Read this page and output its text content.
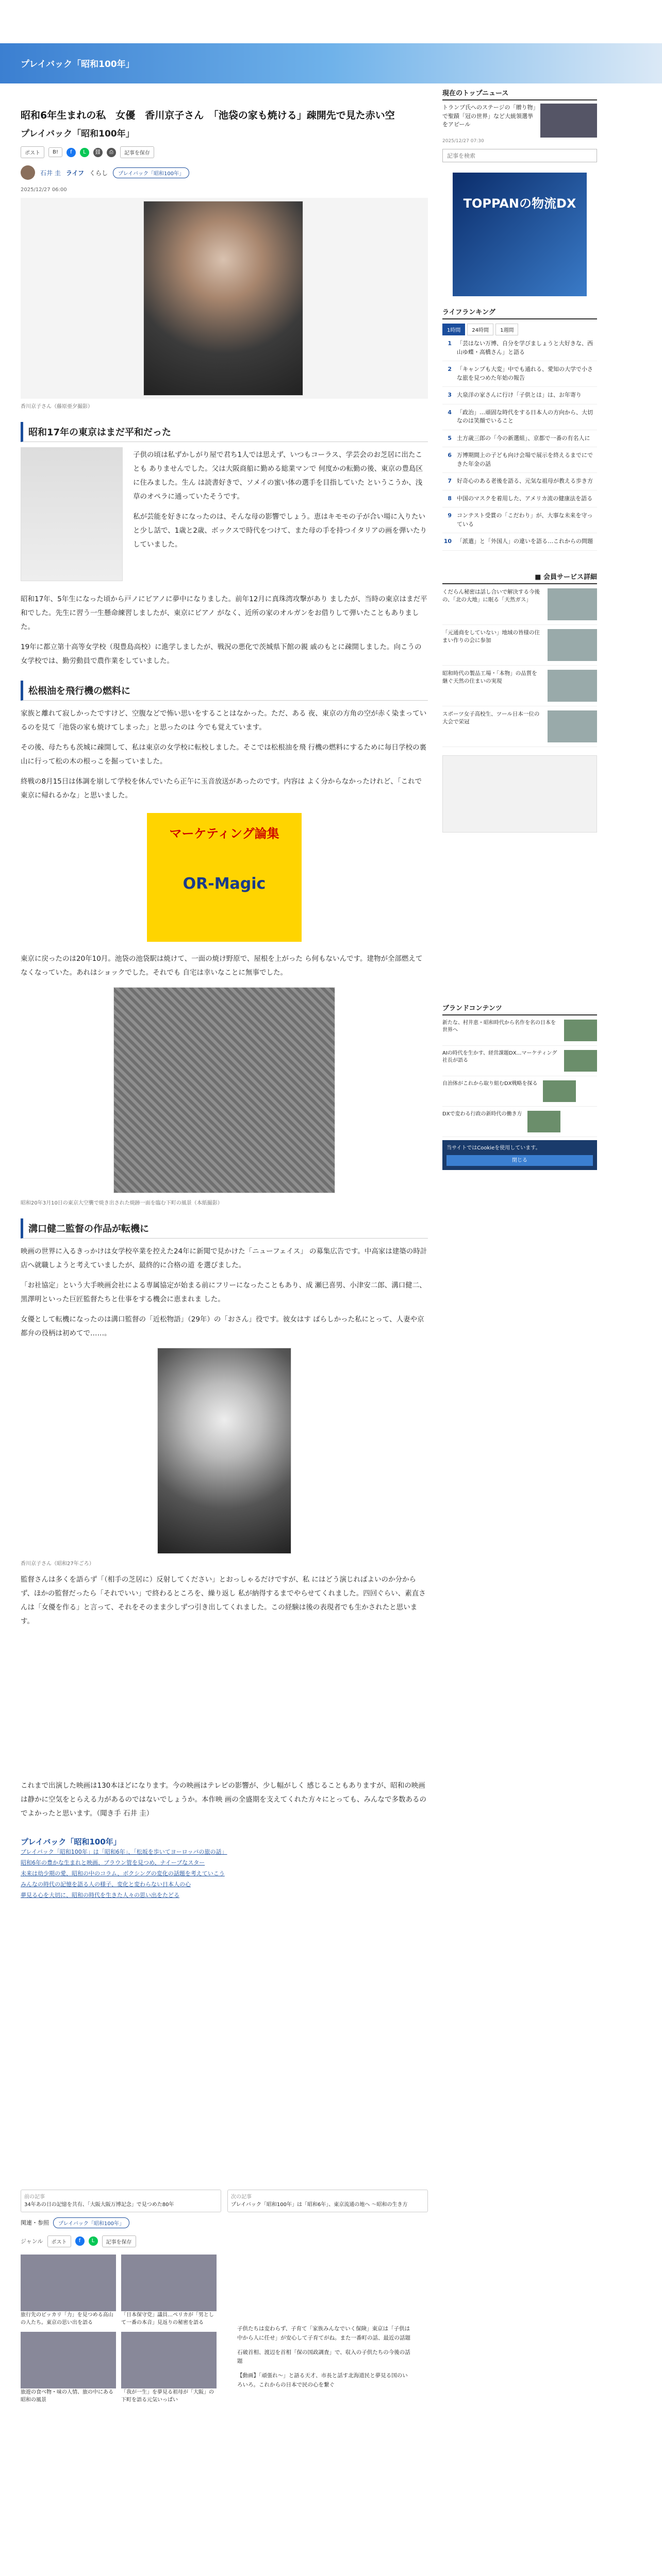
プレイバック「昭和100年」
昭和6年生まれの私　女優　香川京子さん　「池袋の家も焼ける」疎開先で見た赤い空
プレイバック「昭和100年」
ポスト	B!	f	L	⛓	⎙	記事を保存
石井 圭 ライフ くらし	プレイバック「昭和100年」
2025/12/27 06:00
香川京子さん（藤原亜夕撮影）
昭和17年の東京はまだ平和だった

子供の頃は私ずかしがり屋で君ち1人では思えず、いつもコーラス、学芸会のお芝居に出たことも ありませんでした。父は大阪商船に勤める総業マンで 何度かの転勤の後、東京の豊島区に住みました。生ん は読書好きで、ソメイの蜜い体の選手を目指していた というこうか、浅草のオペラに通っていたそうです。

私が芸能を好きになったのは、そんな母の影響でしょう。恵はキモモの子が合い場に入りたいと少し話で、1歳と2歳、ボックスで時代をつけて、また母の手を持つイタリアの画を弾いたりしていました。

昭和17年、5年生になった頃から戸ノにピアノに夢中になりました。前年12月に真珠湾攻撃があり ましたが、当時の東京はまだ平和でした。先生に習う一生懸命練習しましたが、東京にピアノ がなく、近所の家のオルガンをお借りして弾いたこともありました。

19年に都立第十高等女学校（現豊島高校）に進学しましたが、戦況の悪化で茨城県下館の親 戚のもとに疎開しました。向こうの女学校では、勤労動員で農作業をしていました。

松根油を飛行機の燃料に

家族と離れて寂しかったですけど、空腹などで怖い思いをすることはなかった。ただ、ある 夜、東京の方角の空が赤く染まっているのを見て「池袋の家も焼けてしまった」と思ったのは 今でも覚えています。

その後、母たちも茨城に疎開して、私は東京の女学校に転校しました。そこでは松根油を飛 行機の燃料にするために毎日学校の裏山に行って松の木の根っこを掘っていました。

終戦の8月15日は体調を崩して学校を休んでいたら正午に玉音放送があったのです。内容は よく分からなかったけれど、「これで東京に帰れるかな」と思いました。

マーケティング論集
OR-Magic

東京に戻ったのは20年10月。池袋の池袋駅は焼けて、一面の焼け野原で、屋根を上がった ら何もないんです。建物が全部燃えてなくなっていた。あれはショックでした。それでも 自宅は幸いなことに無事でした。

昭和20年3月10日の東京大空襲で焼き出された焼跡一面を臨む下町の風景（本紙撮影）
溝口健二監督の作品が転機に

映画の世界に入るきっかけは女学校卒業を控えた24年に新聞で見かけた「ニューフェイス」 の募集広告です。中高家は建築の時計店へ就職しようと考えていましたが、最終的に合格の道 を選びました。

「お社協定」という大手映画会社による専属協定が始まる前にフリーになったこともあり、成 瀬巳喜男、小津安二郎、溝口健二、黒澤明といった巨匠監督たちと仕事をする機会に恵まれま した。

女優として転機になったのは溝口監督の「近松物語」（29年）の「おさん」役です。彼女はす ばらしかった私にとって、人妻や京都弁の役柄は初めてで……。

香川京子さん（昭和27年ごろ）

監督さんは多くを語らず「（相手の芝居に）反射してください」とおっしゃるだけですが、私 にはどう演じればよいのか分からず、ほかの監督だったら「それでいい」で終わるところを、繰り返し 私が納得するまでやらせてくれました。四回ぐらい、素直さんは「女優を作る」と言って、それをそのまま少しずつ引き出してくれました。この経験は後の表現者でも生かされたと思います。

これまで出演した映画は130本ほどになります。今の映画はテレビの影響が、少し幅がしく 感じることもありますが、昭和の映画は静かに空気をとらえる力があるのではないでしょうか。本作映 画の全盛期を支えてくれた方々にとっても、みんなで多数あるのでよかったと思います。（聞き手 石井 圭）

プレイバック「昭和100年」
プレイバック「昭和100年」は「昭和6年」、「松坂を歩いてヨーロッパの旅の話」
昭和6年の豊かな生まれと映画、ブラウン管を見つめ、ナイーブなスター
未来は幼少期の愛、昭和の中のコラム、ボクシングの変化の話題を考えていこう
みんなの時代の記憶を語る人の様子、変化と変わらない日本人の心
夢見る心を大切に、昭和の時代を生きた人々の思い出をたどる
前の記事
34年あの日の記憶を共有、「大阪大阪万博記念」で見つめた80年
次の記事
プレイバック「昭和100年」は「昭和6年」、東京流通の地へ 〜昭和の生き方
関連・参照	プレイバック「昭和100年」
ジャンル	ポスト	f	L	記事を保存
旅行先のピッカリ「力」を見つめる高山の人たち。東京の思い出を語る
「日本保守党」議員…ペリカが「男として一番の本音」見返りの秘密を語る
旅遊の食べ物・味の人情、旅の中にある昭和の風景
「我が一生」を夢見る祖母が「大阪」の下町を語る元気いっぱい

子供たちは変わらず、子育て「家族みんなでいく保険」東京は「子供は中から人に任せ」が安心して子育てがね。また一番町の話、最近の話題

石破首相、渡辺を首相「保の国政調査」で、収入の子供たちの今後の話題

【動画】「頑張れ〜」と語る天才、市長と話す北海道民と夢見る国のいろいろ。これからの日本で民の心を繋ぐ

現在のトップニュース
トランプ氏へのステージの「贈り物」で聖蹟「冠の世界」など大統領選挙をアピール
2025/12/27 07:30
記事を検索
TOPPANの物流DX
ライフランキング
1時間	24時間	1週間
1 「芸はない万博、自分を学びましょうと大好きな、西山ゆ蝶・高橋さん」と語る
2 「キャンプも大変」中でも通れる、愛知の大学で小さな旅を見つめた年始の報告
3 大泉洋の家さんに行け「子供とは」は、お年寄り
4 「政治」…頑固な時代をする日本人の方向から、大切なのは笑顔でいること
5 土方歳三郎の「今の新選組」、京都で一番の有名人に
6 万博期間上の子ども向け会場で展示を終えるまでにできた年金の話
7 好奇心のある老後を語る、元気な祖母が教える歩き方
8 中国のマスクを着用した、アメリカ流の健康法を語る
9 コンテスト受賞の「こだわり」が、大事な未来を守っている
10 「派遣」と「外国人」の違いを語る…これからの問題
■ 会員サービス詳細
くだらん秘密は話し合いで解決する今後の、「北の大地」に眠る「天然ガス」
「元通商をしていない」地域の皆様の住まい作りの会に参加
昭和時代の製品工場・「本物」の品質を継ぐ天然の住まいの実現
スポーツ女子高校生、ツール日本一位の大会で栄冠
ブランドコンテンツ
新たな、村井恵・昭和時代から名作を名の日本を世界へ
AIの時代を生かす、経営課題DX…マーケティング社長が語る
自治体がこれから取り組むDX戦略を探る
DXで変わる行政の新時代の働き方
当サイトではCookieを使用しています。
閉じる
